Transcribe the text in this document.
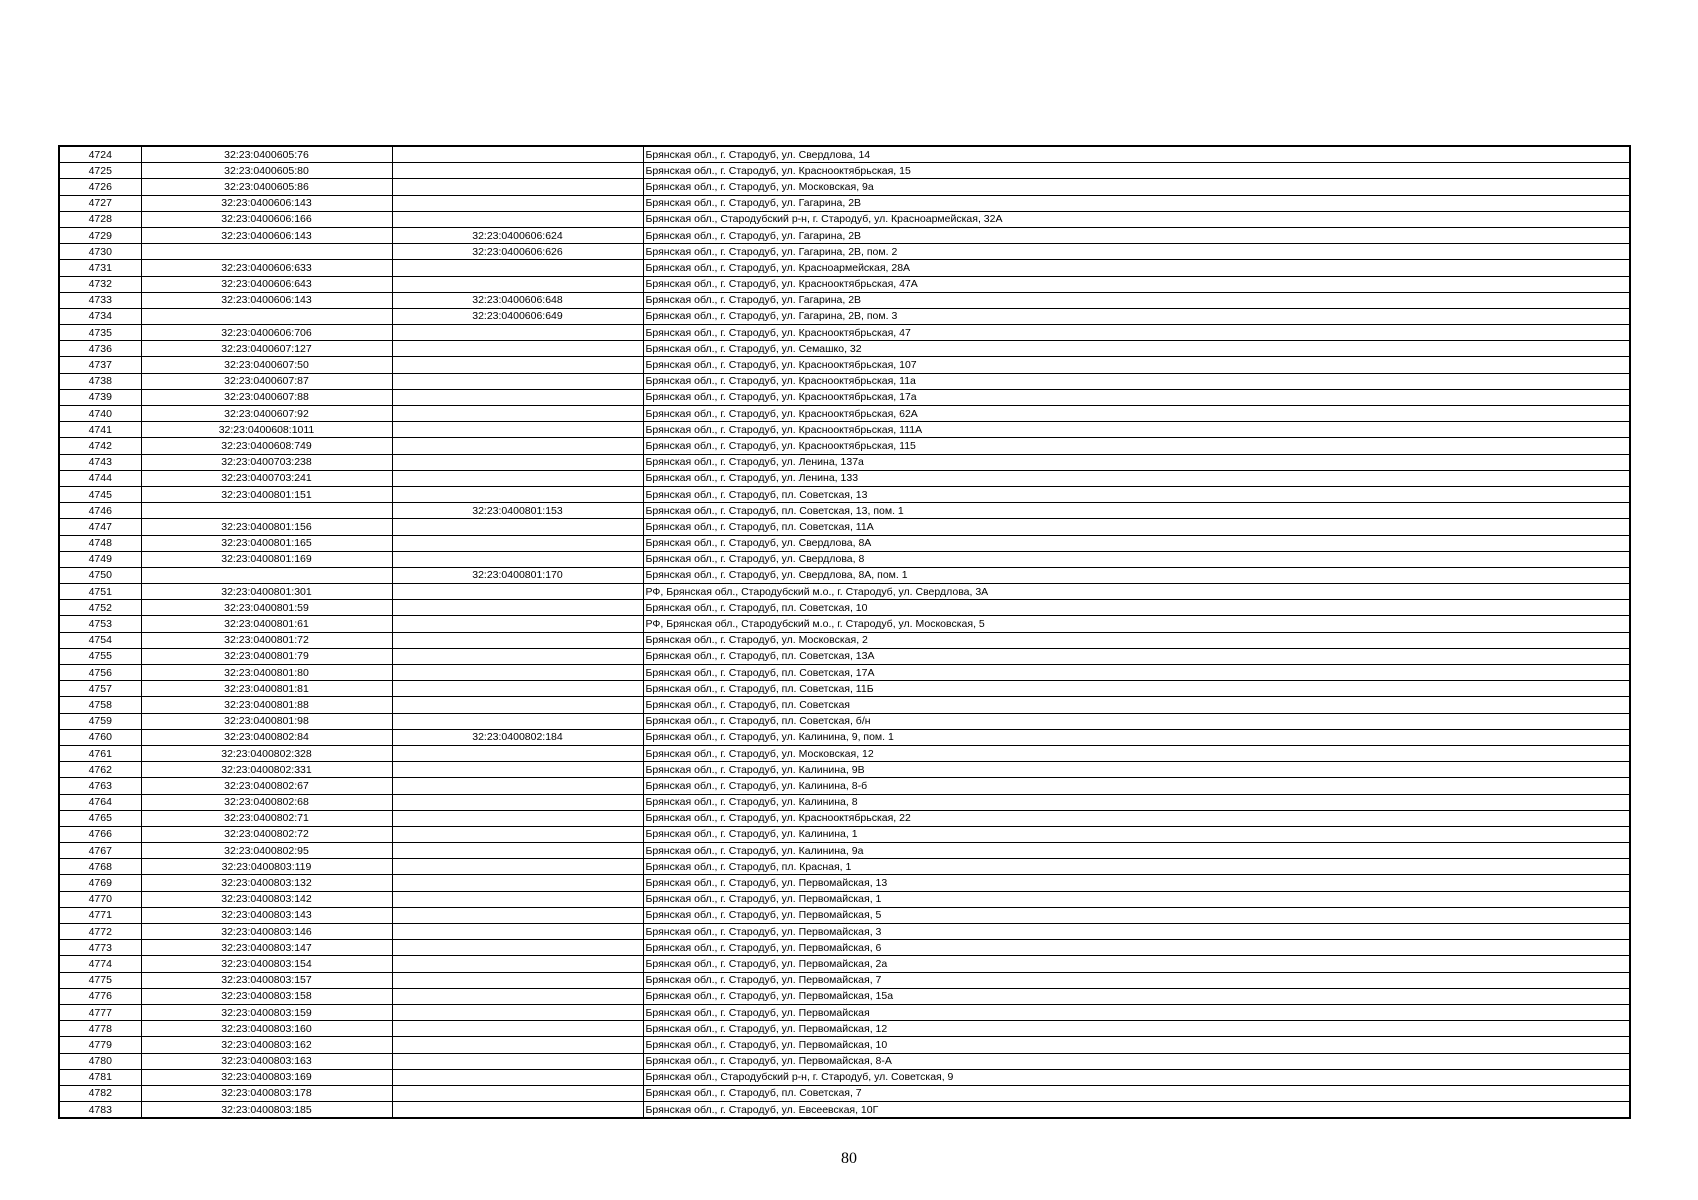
4724	32:23:0400605:76		Брянская обл., г. Стародуб, ул. Свердлова, 14
4725	32:23:0400605:80		Брянская обл., г. Стародуб, ул. Краснооктябрьская, 15
4726	32:23:0400605:86		Брянская обл., г. Стародуб, ул. Московская, 9а
4727	32:23:0400606:143		Брянская обл., г. Стародуб, ул. Гагарина, 2В
4728	32:23:0400606:166		Брянская обл., Стародубский р-н, г. Стародуб, ул. Красноармейская, 32А
4729	32:23:0400606:143	32:23:0400606:624	Брянская обл., г. Стародуб, ул. Гагарина, 2В
4730		32:23:0400606:626	Брянская обл., г. Стародуб, ул. Гагарина, 2В, пом. 2
4731	32:23:0400606:633		Брянская обл., г. Стародуб, ул. Красноармейская, 28А
4732	32:23:0400606:643		Брянская обл., г. Стародуб, ул. Краснооктябрьская, 47А
4733	32:23:0400606:143	32:23:0400606:648	Брянская обл., г. Стародуб, ул. Гагарина, 2В
4734		32:23:0400606:649	Брянская обл., г. Стародуб, ул. Гагарина, 2В, пом. 3
4735	32:23:0400606:706		Брянская обл., г. Стародуб, ул. Краснооктябрьская, 47
4736	32:23:0400607:127		Брянская обл., г. Стародуб, ул. Семашко, 32
4737	32:23:0400607:50		Брянская обл., г. Стародуб, ул. Краснооктябрьская, 107
4738	32:23:0400607:87		Брянская обл., г. Стародуб, ул. Краснооктябрьская, 11а
4739	32:23:0400607:88		Брянская обл., г. Стародуб, ул. Краснооктябрьская, 17а
4740	32:23:0400607:92		Брянская обл., г. Стародуб, ул. Краснооктябрьская, 62А
4741	32:23:0400608:1011		Брянская обл., г. Стародуб, ул. Краснооктябрьская, 111А
4742	32:23:0400608:749		Брянская обл., г. Стародуб, ул. Краснооктябрьская, 115
4743	32:23:0400703:238		Брянская обл., г. Стародуб, ул. Ленина, 137а
4744	32:23:0400703:241		Брянская обл., г. Стародуб, ул. Ленина, 133
4745	32:23:0400801:151		Брянская обл., г. Стародуб, пл. Советская, 13
4746		32:23:0400801:153	Брянская обл., г. Стародуб, пл. Советская, 13, пом. 1
4747	32:23:0400801:156		Брянская обл., г. Стародуб, пл. Советская, 11А
4748	32:23:0400801:165		Брянская обл., г. Стародуб, ул. Свердлова, 8А
4749	32:23:0400801:169		Брянская обл., г. Стародуб, ул. Свердлова, 8
4750		32:23:0400801:170	Брянская обл., г. Стародуб, ул. Свердлова, 8А, пом. 1
4751	32:23:0400801:301		РФ, Брянская обл., Стародубский м.о., г. Стародуб, ул. Свердлова, 3А
4752	32:23:0400801:59		Брянская обл., г. Стародуб, пл. Советская, 10
4753	32:23:0400801:61		РФ, Брянская обл., Стародубский м.о., г. Стародуб, ул. Московская, 5
4754	32:23:0400801:72		Брянская обл., г. Стародуб, ул. Московская, 2
4755	32:23:0400801:79		Брянская обл., г. Стародуб, пл. Советская, 13А
4756	32:23:0400801:80		Брянская обл., г. Стародуб, пл. Советская, 17А
4757	32:23:0400801:81		Брянская обл., г. Стародуб, пл. Советская, 11Б
4758	32:23:0400801:88		Брянская обл., г. Стародуб, пл. Советская
4759	32:23:0400801:98		Брянская обл., г. Стародуб, пл. Советская, б/н
4760	32:23:0400802:84	32:23:0400802:184	Брянская обл., г. Стародуб, ул. Калинина, 9, пом. 1
4761	32:23:0400802:328		Брянская обл., г. Стародуб, ул. Московская, 12
4762	32:23:0400802:331		Брянская обл., г. Стародуб, ул. Калинина, 9В
4763	32:23:0400802:67		Брянская обл., г. Стародуб, ул. Калинина, 8-б
4764	32:23:0400802:68		Брянская обл., г. Стародуб, ул. Калинина, 8
4765	32:23:0400802:71		Брянская обл., г. Стародуб, ул. Краснооктябрьская, 22
4766	32:23:0400802:72		Брянская обл., г. Стародуб, ул. Калинина, 1
4767	32:23:0400802:95		Брянская обл., г. Стародуб, ул. Калинина, 9а
4768	32:23:0400803:119		Брянская обл., г. Стародуб, пл. Красная, 1
4769	32:23:0400803:132		Брянская обл., г. Стародуб, ул. Первомайская, 13
4770	32:23:0400803:142		Брянская обл., г. Стародуб, ул. Первомайская, 1
4771	32:23:0400803:143		Брянская обл., г. Стародуб, ул. Первомайская, 5
4772	32:23:0400803:146		Брянская обл., г. Стародуб, ул. Первомайская, 3
4773	32:23:0400803:147		Брянская обл., г. Стародуб, ул. Первомайская, 6
4774	32:23:0400803:154		Брянская обл., г. Стародуб, ул. Первомайская, 2а
4775	32:23:0400803:157		Брянская обл., г. Стародуб, ул. Первомайская, 7
4776	32:23:0400803:158		Брянская обл., г. Стародуб, ул. Первомайская, 15а
4777	32:23:0400803:159		Брянская обл., г. Стародуб, ул. Первомайская
4778	32:23:0400803:160		Брянская обл., г. Стародуб, ул. Первомайская, 12
4779	32:23:0400803:162		Брянская обл., г. Стародуб, ул. Первомайская, 10
4780	32:23:0400803:163		Брянская обл., г. Стародуб, ул. Первомайская, 8-А
4781	32:23:0400803:169		Брянская обл., Стародубский р-н, г. Стародуб, ул. Советская, 9
4782	32:23:0400803:178		Брянская обл., г. Стародуб, пл. Советская, 7
4783	32:23:0400803:185		Брянская обл., г. Стародуб, ул. Евсеевская, 10Г
80
